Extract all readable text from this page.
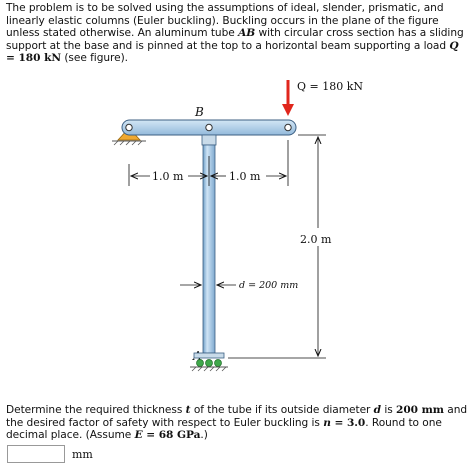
The problem is to be solved using the assumptions of ideal, slender, prismatic, and linearly elastic columns (Euler buckling). Buckling occurs in the plane of the figure unless stated otherwise. An aluminum tube AB with circular cross section has a sliding support at the base and is pinned at the top to a horizontal beam supporting a load Q = 180 kN (see figure).
Q = 180 kN
B
1.0 m	1.0 m
2.0 m
d = 200 mm
Determine the required thickness t of the tube if its outside diameter d is 200 mm and the desired factor of safety with respect to Euler buckling is n = 3.0. Round to one decimal place. (Assume E = 68 GPa.)
mm
